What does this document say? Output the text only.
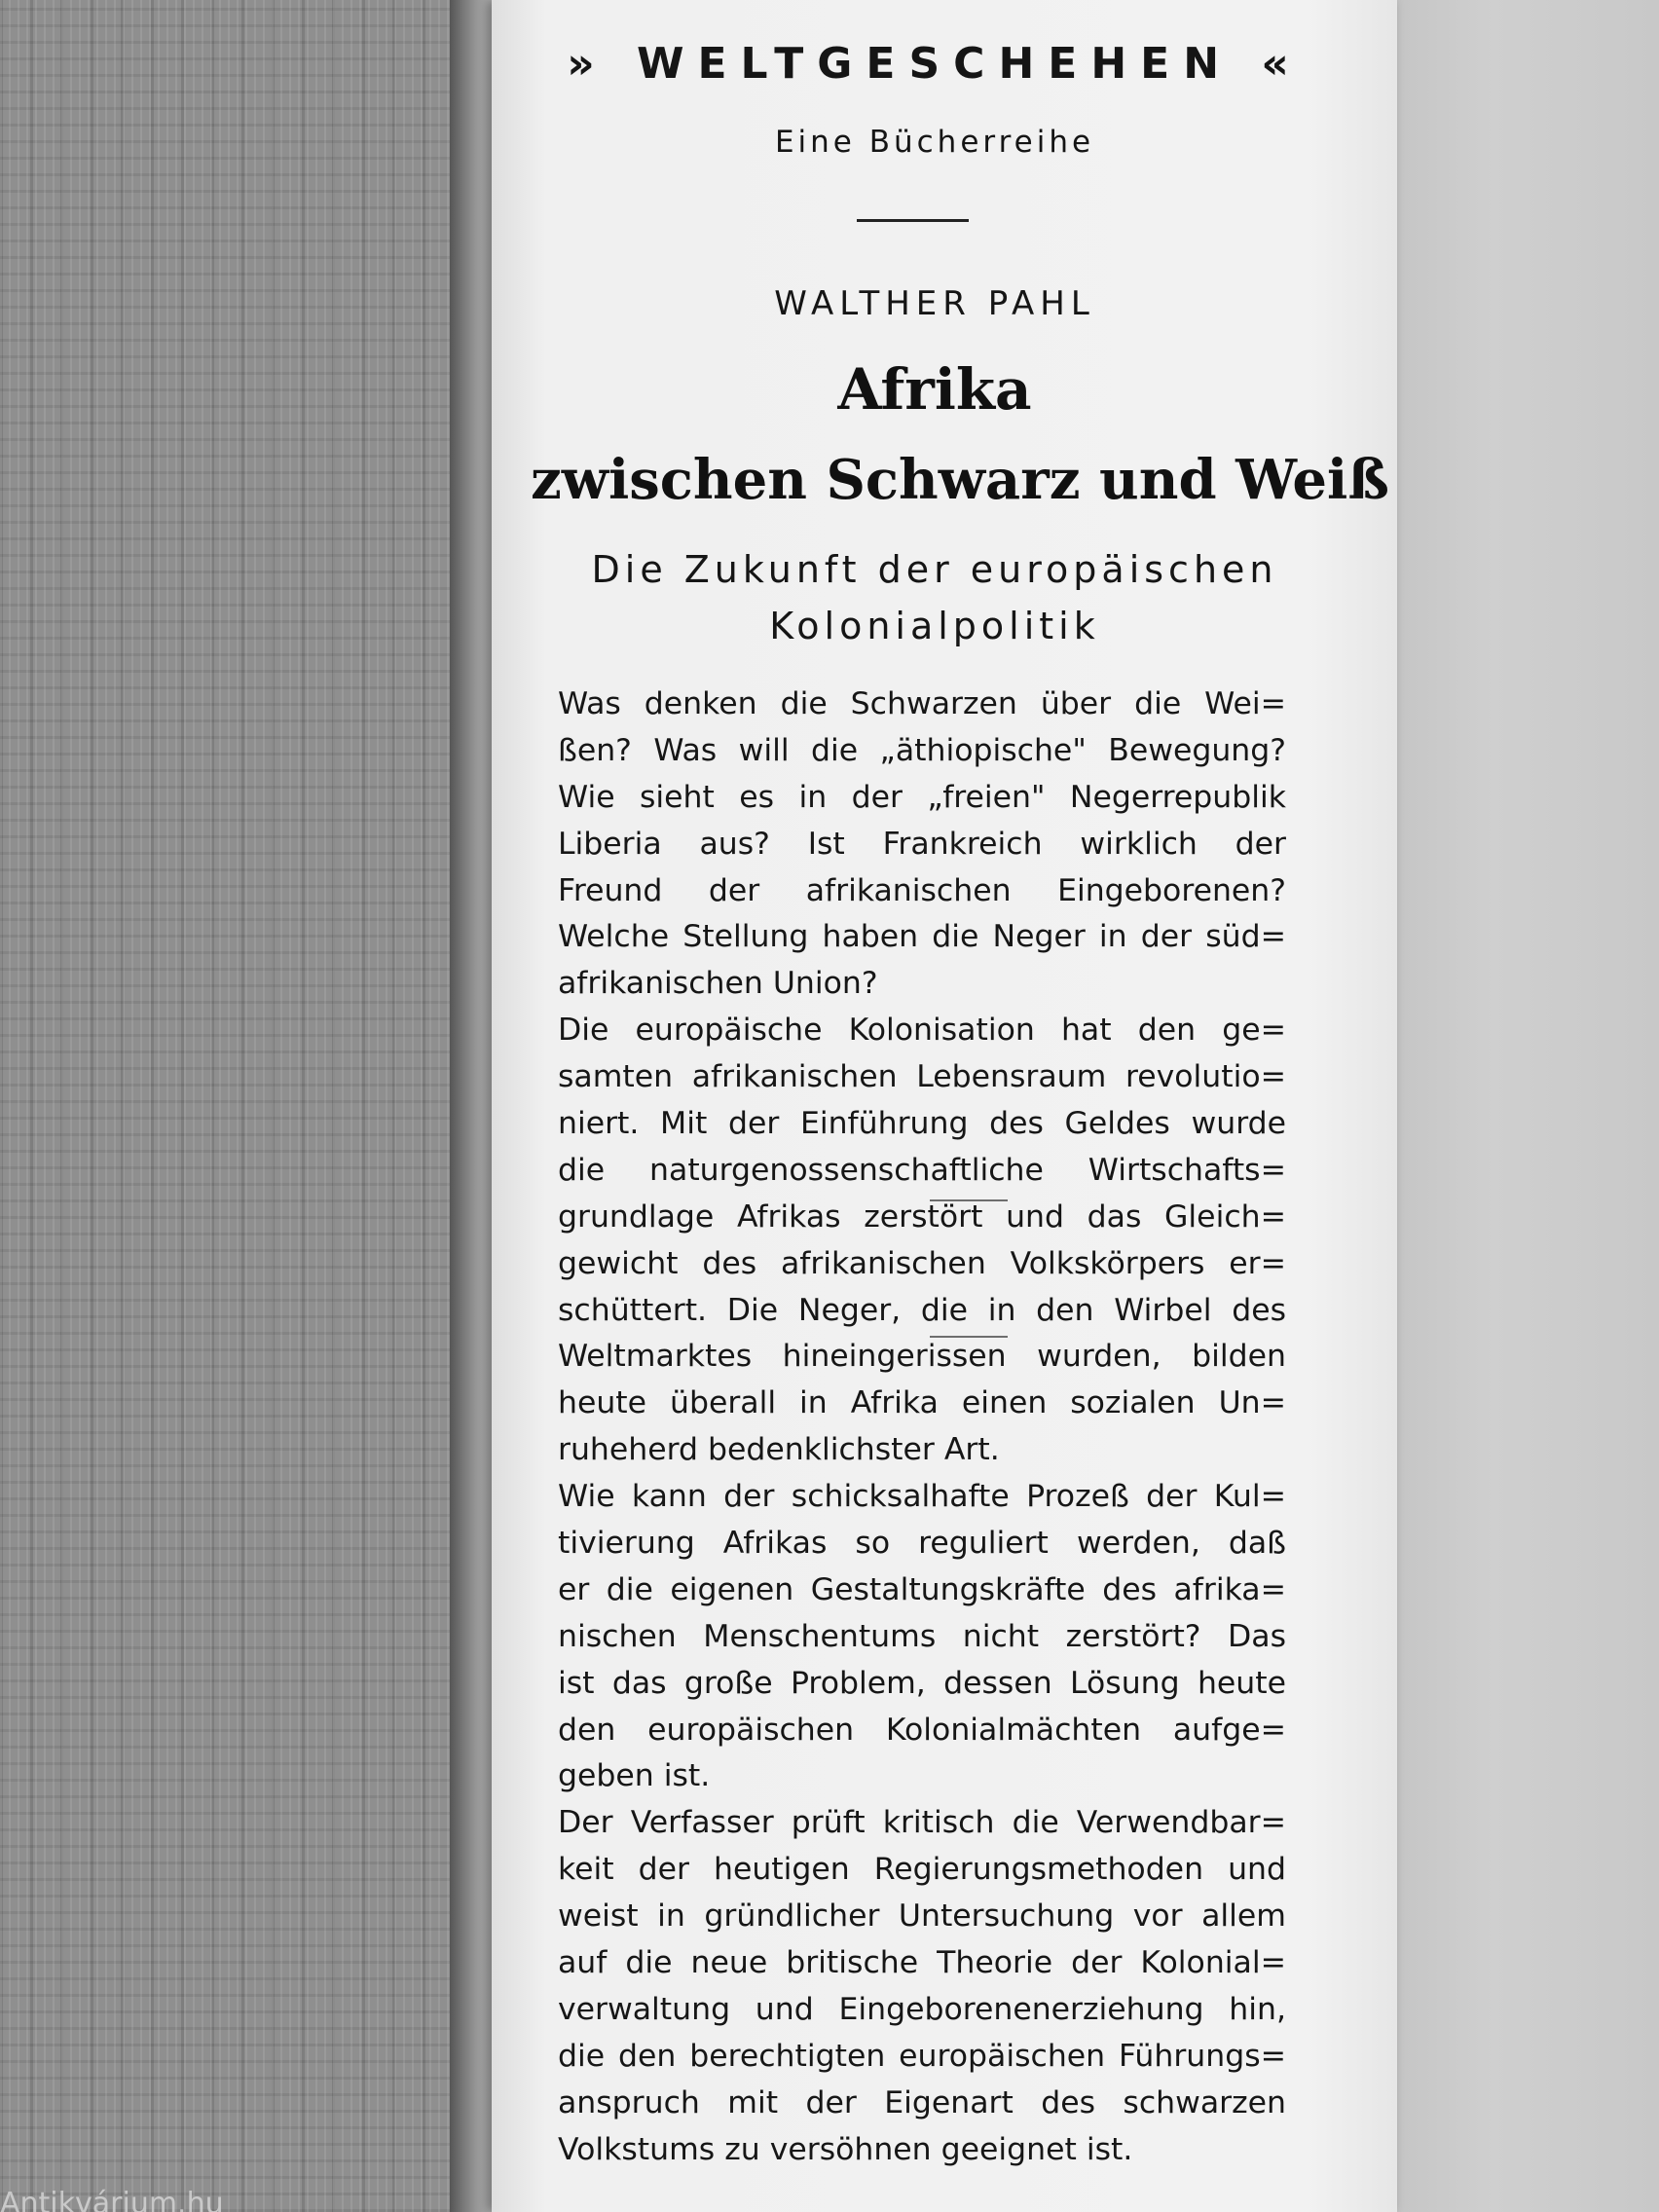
Antikvárium.hu
» WELTGESCHEHEN «
Eine Bücherreihe
WALTHER PAHL
Afrika
zwischen Schwarz und Weiß
Die Zukunft der europäischen
Kolonialpolitik
Was denken die Schwarzen über die Wei=
ßen? Was will die „äthiopische" Bewegung?
Wie sieht es in der „freien" Negerrepublik
Liberia aus? Ist Frankreich wirklich der
Freund der afrikanischen Eingeborenen?
Welche Stellung haben die Neger in der süd=
afrikanischen Union?
Die europäische Kolonisation hat den ge=
samten afrikanischen Lebensraum revolutio=
niert. Mit der Einführung des Geldes wurde
die naturgenossenschaftliche Wirtschafts=
grundlage Afrikas zerstört und das Gleich=
gewicht des afrikanischen Volkskörpers er=
schüttert. Die Neger, die in den Wirbel des
Weltmarktes hineingerissen wurden, bilden
heute überall in Afrika einen sozialen Un=
ruheherd bedenklichster Art.
Wie kann der schicksalhafte Prozeß der Kul=
tivierung Afrikas so reguliert werden, daß
er die eigenen Gestaltungskräfte des afrika=
nischen Menschentums nicht zerstört? Das
ist das große Problem, dessen Lösung heute
den europäischen Kolonialmächten aufge=
geben ist.
Der Verfasser prüft kritisch die Verwendbar=
keit der heutigen Regierungsmethoden und
weist in gründlicher Untersuchung vor allem
auf die neue britische Theorie der Kolonial=
verwaltung und Eingeborenenerziehung hin,
die den berechtigten europäischen Führungs=
anspruch mit der Eigenart des schwarzen
Volkstums zu versöhnen geeignet ist.
